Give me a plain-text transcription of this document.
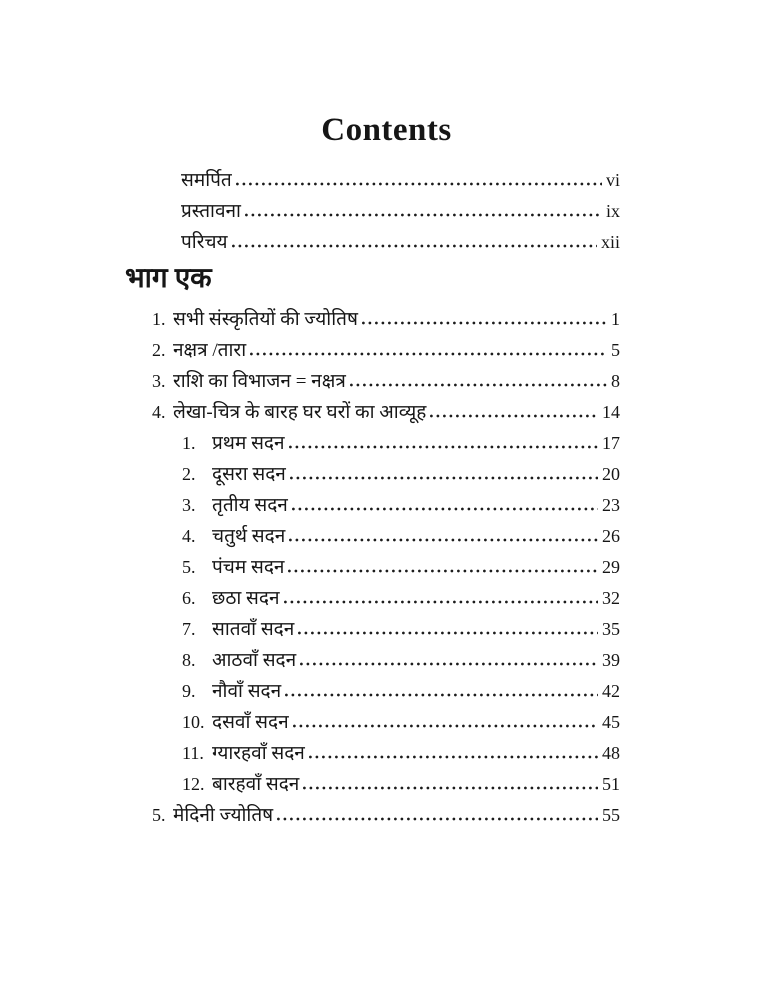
Contents
समर्पित	vi
प्रस्तावना	ix
परिचय	xii
भाग एक
1. सभी संस्कृतियों की ज्योतिष	1
2. नक्षत्र /तारा	5
3. राशि का विभाजन = नक्षत्र	8
4. लेखा-चित्र के बारह घर घरों का आव्यूह	14
1. प्रथम सदन	17
2. दूसरा सदन	20
3. तृतीय सदन	23
4. चतुर्थ सदन	26
5. पंचम सदन	29
6. छठा सदन	32
7. सातवाँ सदन	35
8. आठवाँ सदन	39
9. नौवाँ सदन	42
10. दसवाँ सदन	45
11. ग्यारहवाँ सदन	48
12. बारहवाँ सदन	51
5. मेदिनी ज्योतिष	55
